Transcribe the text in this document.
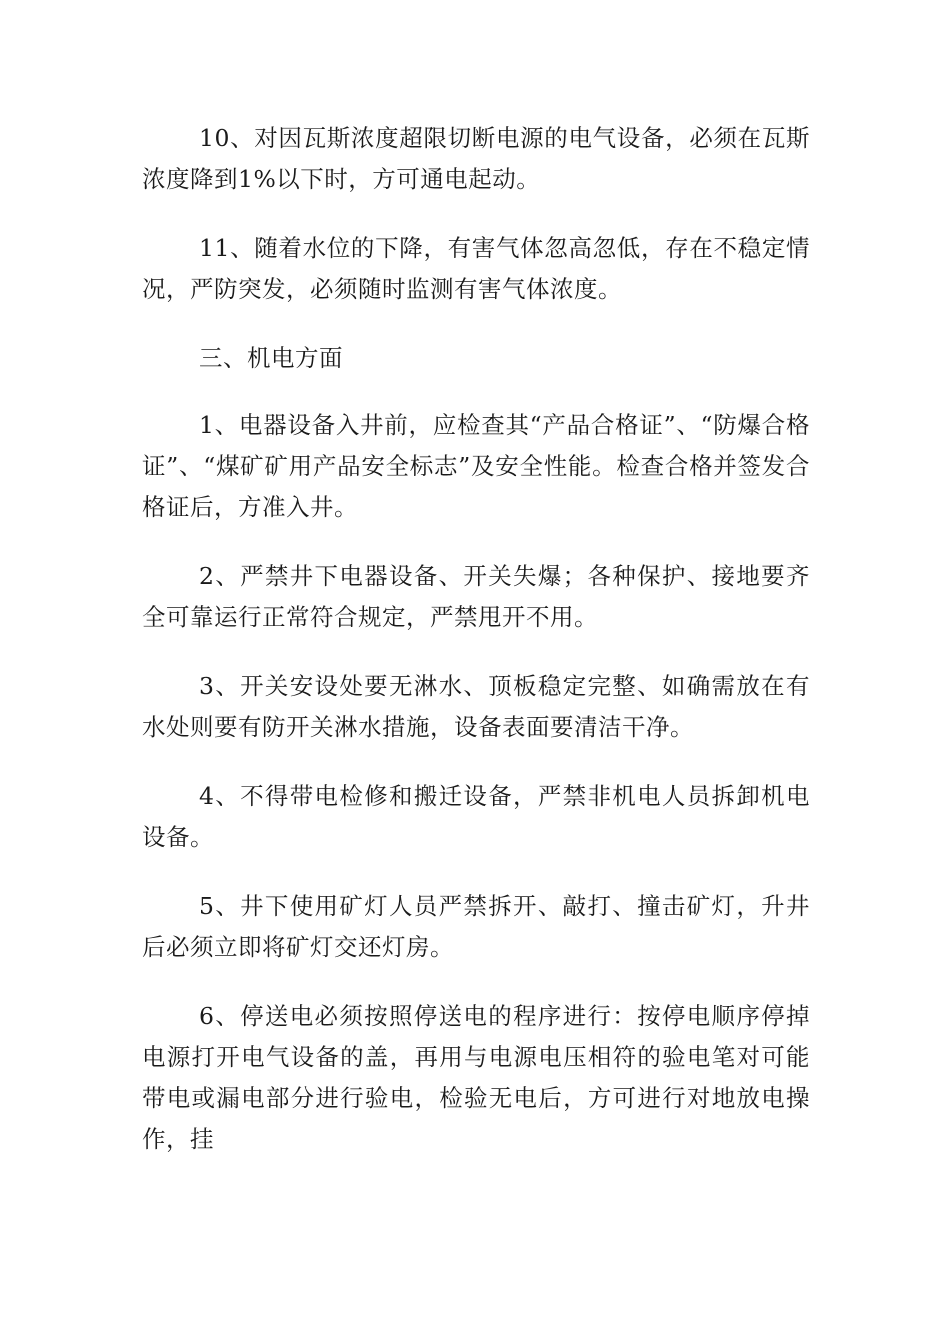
10、对因瓦斯浓度超限切断电源的电气设备，必须在瓦斯浓度降到1%以下时，方可通电起动。

11、随着水位的下降，有害气体忽高忽低，存在不稳定情况，严防突发，必须随时监测有害气体浓度。

三、机电方面

1、电器设备入井前，应检查其“产品合格证”、“防爆合格证”、“煤矿矿用产品安全标志”及安全性能。检查合格并签发合格证后，方准入井。

2、严禁井下电器设备、开关失爆；各种保护、接地要齐全可靠运行正常符合规定，严禁甩开不用。

3、开关安设处要无淋水、顶板稳定完整、如确需放在有水处则要有防开关淋水措施，设备表面要清洁干净。

4、不得带电检修和搬迁设备，严禁非机电人员拆卸机电设备。

5、井下使用矿灯人员严禁拆开、敲打、撞击矿灯，升井后必须立即将矿灯交还灯房。

6、停送电必须按照停送电的程序进行：按停电顺序停掉电源打开电气设备的盖，再用与电源电压相符的验电笔对可能带电或漏电部分进行验电，检验无电后，方可进行对地放电操作，挂
